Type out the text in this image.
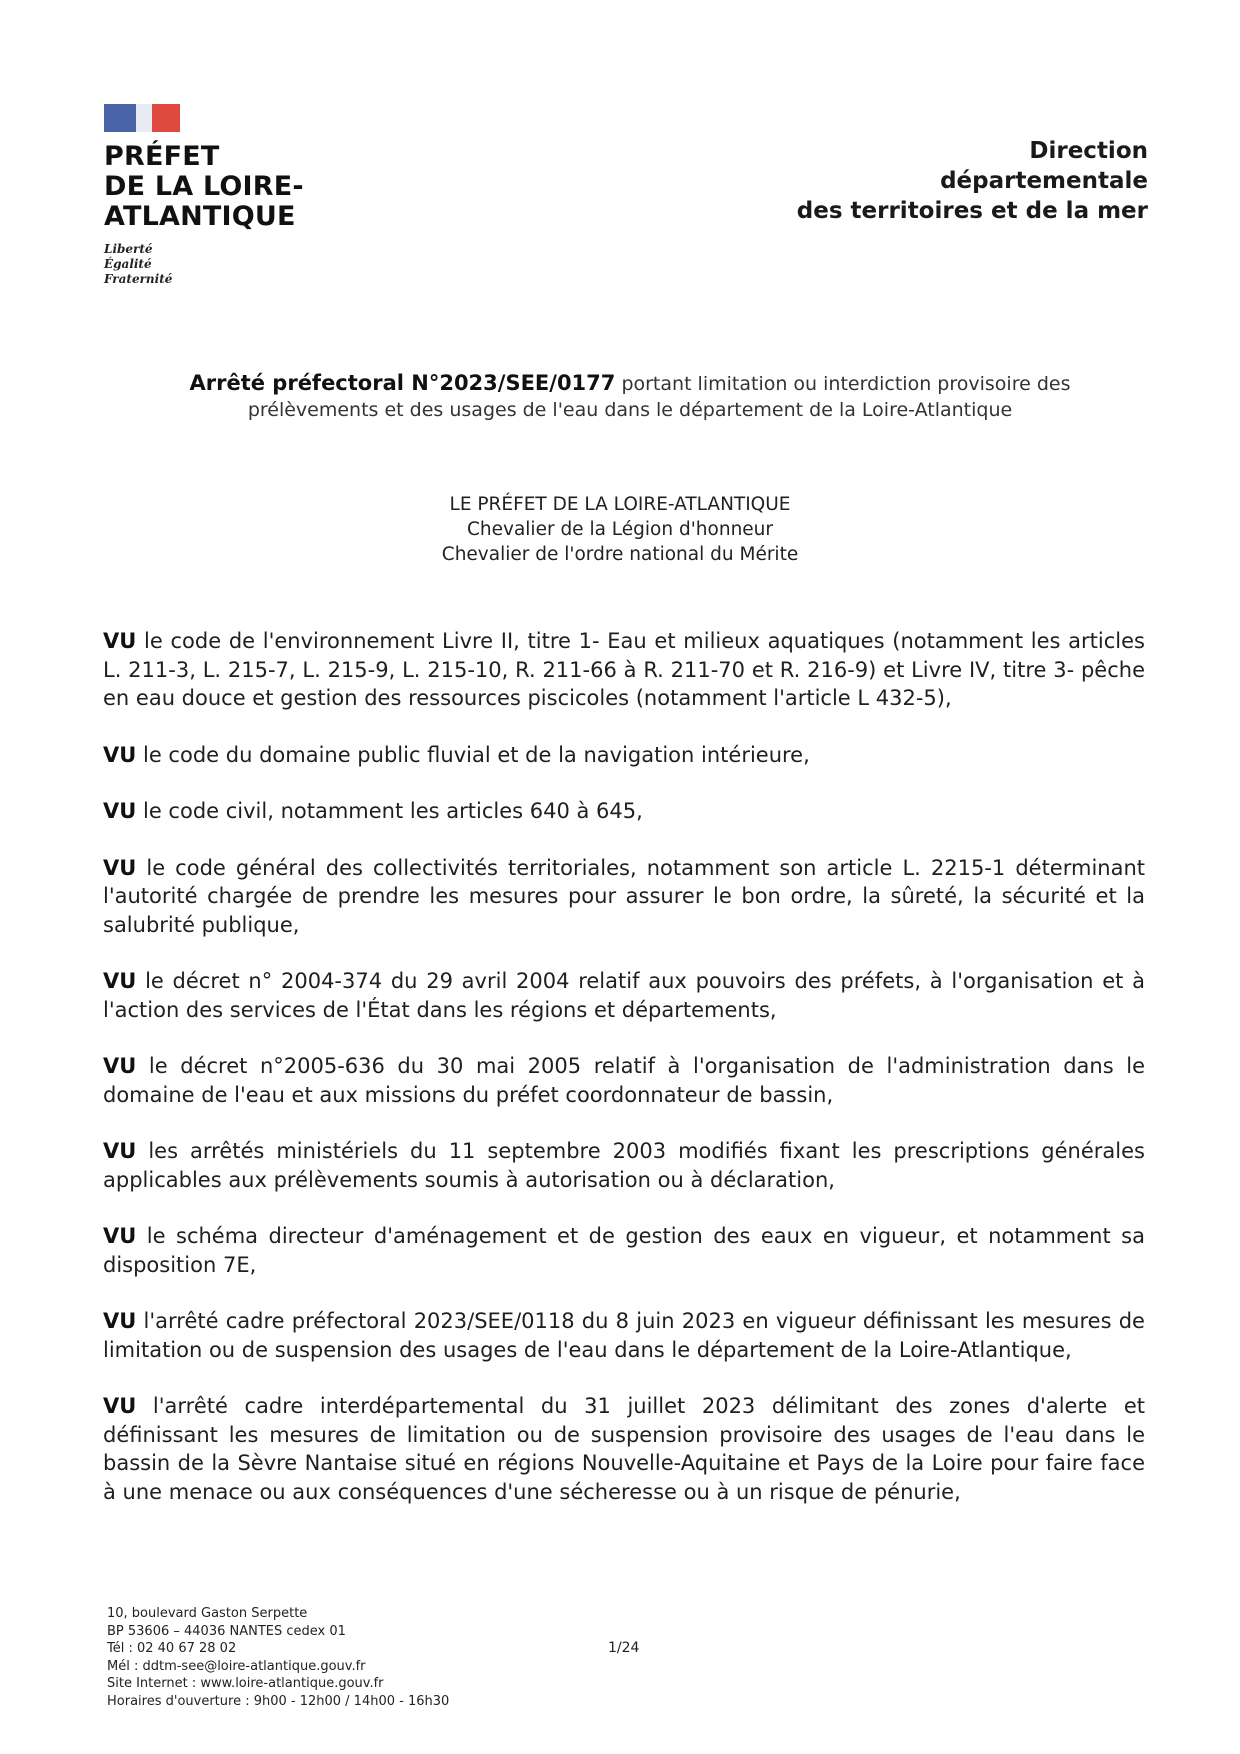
PRÉFET
DE LA LOIRE-
ATLANTIQUE
Liberté
Égalité
Fraternité
Direction
départementale
des territoires et de la mer
Arrêté préfectoral N°2023/SEE/0177 portant limitation ou interdiction provisoire des
prélèvements et des usages de l'eau dans le département de la Loire-Atlantique
LE PRÉFET DE LA LOIRE-ATLANTIQUE
Chevalier de la Légion d'honneur
Chevalier de l'ordre national du Mérite

VU le code de l'environnement Livre II, titre 1- Eau et milieux aquatiques (notamment les articles L. 211-3, L. 215-7, L. 215-9, L. 215-10, R. 211-66 à R. 211-70 et R. 216-9) et Livre IV, titre 3- pêche en eau douce et gestion des ressources piscicoles (notamment l'article L 432-5),

VU le code du domaine public fluvial et de la navigation intérieure,

VU le code civil, notamment les articles 640 à 645,

VU le code général des collectivités territoriales, notamment son article L. 2215-1 déterminant l'autorité chargée de prendre les mesures pour assurer le bon ordre, la sûreté, la sécurité et la salubrité publique,

VU le décret n° 2004-374 du 29 avril 2004 relatif aux pouvoirs des préfets, à l'organisation et à l'action des services de l'État dans les régions et départements,

VU le décret n°2005-636 du 30 mai 2005 relatif à l'organisation de l'administration dans le domaine de l'eau et aux missions du préfet coordonnateur de bassin,

VU les arrêtés ministériels du 11 septembre 2003 modifiés fixant les prescriptions générales applicables aux prélèvements soumis à autorisation ou à déclaration,

VU le schéma directeur d'aménagement et de gestion des eaux en vigueur, et notamment sa disposition 7E,

VU l'arrêté cadre préfectoral 2023/SEE/0118 du 8 juin 2023 en vigueur définissant les mesures de limitation ou de suspension des usages de l'eau dans le département de la Loire-Atlantique,

VU l'arrêté cadre interdépartemental du 31 juillet 2023 délimitant des zones d'alerte et définissant les mesures de limitation ou de suspension provisoire des usages de l'eau dans le bassin de la Sèvre Nantaise situé en régions Nouvelle-Aquitaine et Pays de la Loire pour faire face à une menace ou aux conséquences d'une sécheresse ou à un risque de pénurie,

10, boulevard Gaston Serpette
BP 53606 – 44036 NANTES cedex 01
Tél : 02 40 67 28 02
Mél : ddtm-see@loire-atlantique.gouv.fr
Site Internet : www.loire-atlantique.gouv.fr
Horaires d'ouverture : 9h00 - 12h00 / 14h00 - 16h30
1/24
